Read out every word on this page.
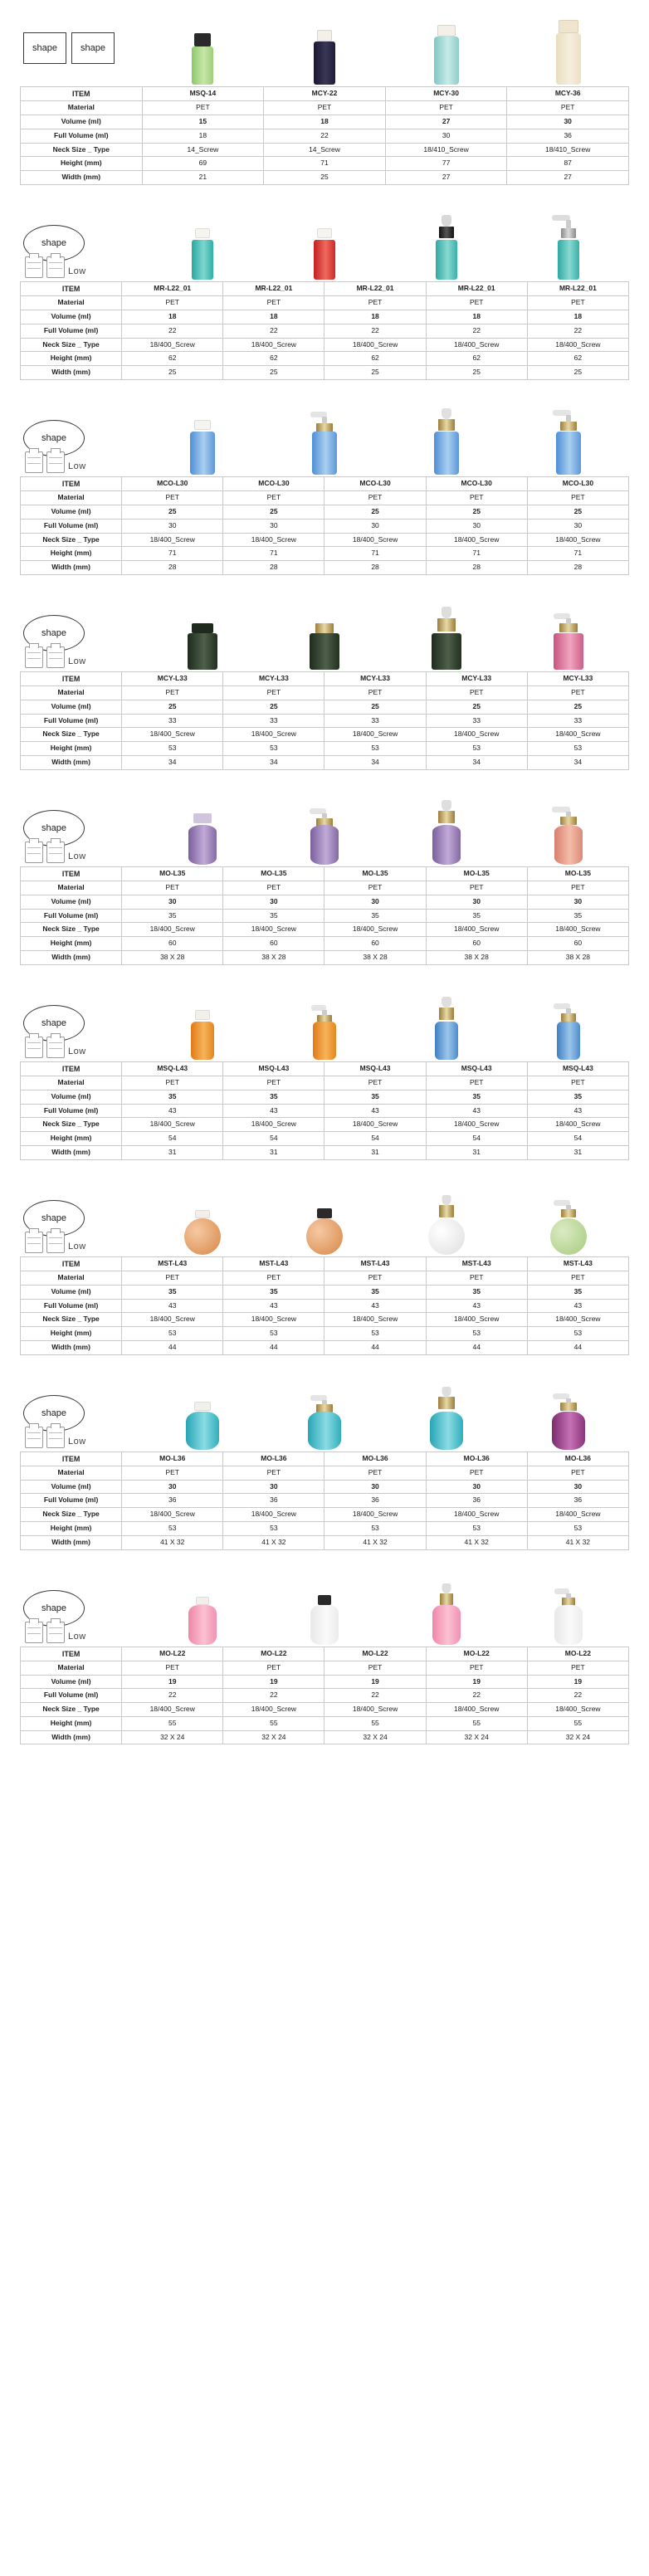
shape	shape
ITEM	MSQ-14	MCY-22	MCY-30	MCY-36
Material	PET	PET	PET	PET
Volume (ml)	15	18	27	30
Full Volume (ml)	18	22	30	36
Neck Size _ Type	14_Screw	14_Screw	18/410_Screw	18/410_Screw
Height (mm)	69	71	77	87
Width (mm)	21	25	27	27
shape
Low
ITEM	MR-L22_01	MR-L22_01	MR-L22_01	MR-L22_01	MR-L22_01
Material	PET	PET	PET	PET	PET
Volume (ml)	18	18	18	18	18
Full Volume (ml)	22	22	22	22	22
Neck Size _ Type	18/400_Screw	18/400_Screw	18/400_Screw	18/400_Screw	18/400_Screw
Height (mm)	62	62	62	62	62
Width (mm)	25	25	25	25	25
shape
Low
ITEM	MCO-L30	MCO-L30	MCO-L30	MCO-L30	MCO-L30
Material	PET	PET	PET	PET	PET
Volume (ml)	25	25	25	25	25
Full Volume (ml)	30	30	30	30	30
Neck Size _ Type	18/400_Screw	18/400_Screw	18/400_Screw	18/400_Screw	18/400_Screw
Height (mm)	71	71	71	71	71
Width (mm)	28	28	28	28	28
shape
Low
ITEM	MCY-L33	MCY-L33	MCY-L33	MCY-L33	MCY-L33
Material	PET	PET	PET	PET	PET
Volume (ml)	25	25	25	25	25
Full Volume (ml)	33	33	33	33	33
Neck Size _ Type	18/400_Screw	18/400_Screw	18/400_Screw	18/400_Screw	18/400_Screw
Height (mm)	53	53	53	53	53
Width (mm)	34	34	34	34	34
shape
Low
ITEM	MO-L35	MO-L35	MO-L35	MO-L35	MO-L35
Material	PET	PET	PET	PET	PET
Volume (ml)	30	30	30	30	30
Full Volume (ml)	35	35	35	35	35
Neck Size _ Type	18/400_Screw	18/400_Screw	18/400_Screw	18/400_Screw	18/400_Screw
Height (mm)	60	60	60	60	60
Width (mm)	38 X 28	38 X 28	38 X 28	38 X 28	38 X 28
shape
Low
ITEM	MSQ-L43	MSQ-L43	MSQ-L43	MSQ-L43	MSQ-L43
Material	PET	PET	PET	PET	PET
Volume (ml)	35	35	35	35	35
Full Volume (ml)	43	43	43	43	43
Neck Size _ Type	18/400_Screw	18/400_Screw	18/400_Screw	18/400_Screw	18/400_Screw
Height (mm)	54	54	54	54	54
Width (mm)	31	31	31	31	31
shape
Low
ITEM	MST-L43	MST-L43	MST-L43	MST-L43	MST-L43
Material	PET	PET	PET	PET	PET
Volume (ml)	35	35	35	35	35
Full Volume (ml)	43	43	43	43	43
Neck Size _ Type	18/400_Screw	18/400_Screw	18/400_Screw	18/400_Screw	18/400_Screw
Height (mm)	53	53	53	53	53
Width (mm)	44	44	44	44	44
shape
Low
ITEM	MO-L36	MO-L36	MO-L36	MO-L36	MO-L36
Material	PET	PET	PET	PET	PET
Volume (ml)	30	30	30	30	30
Full Volume (ml)	36	36	36	36	36
Neck Size _ Type	18/400_Screw	18/400_Screw	18/400_Screw	18/400_Screw	18/400_Screw
Height (mm)	53	53	53	53	53
Width (mm)	41 X 32	41 X 32	41 X 32	41 X 32	41 X 32
shape
Low
ITEM	MO-L22	MO-L22	MO-L22	MO-L22	MO-L22
Material	PET	PET	PET	PET	PET
Volume (ml)	19	19	19	19	19
Full Volume (ml)	22	22	22	22	22
Neck Size _ Type	18/400_Screw	18/400_Screw	18/400_Screw	18/400_Screw	18/400_Screw
Height (mm)	55	55	55	55	55
Width (mm)	32 X 24	32 X 24	32 X 24	32 X 24	32 X 24
